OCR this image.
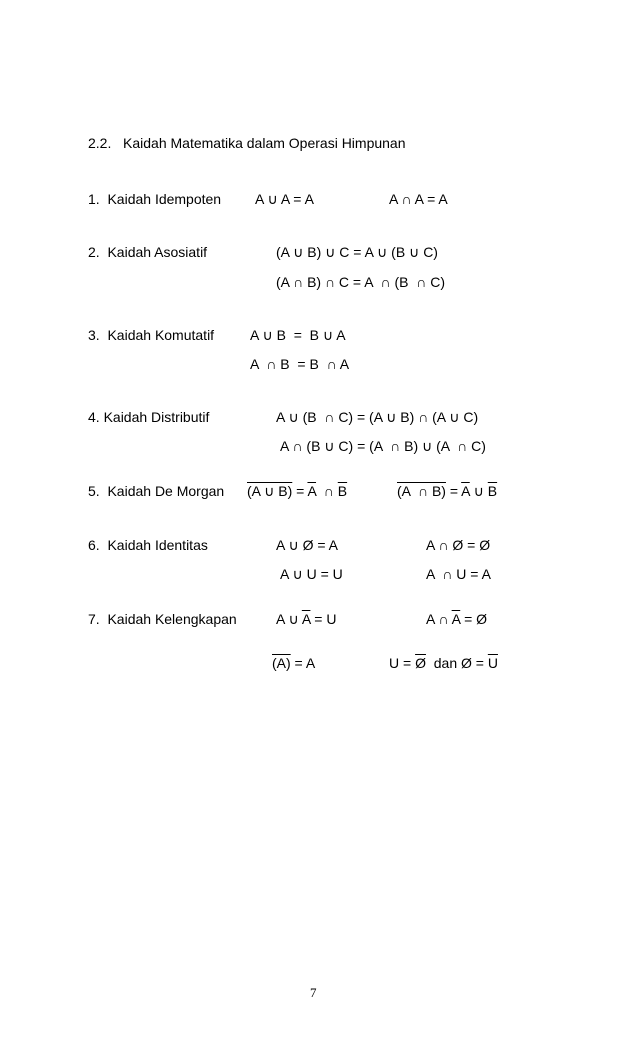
2.2. Kaidah Matematika dalam Operasi Himpunan
1.  Kaidah Idempoten A ∪ A = A	A ∩ A = A
2.  Kaidah Asosiatif	(A ∪ B) ∪ C = A ∪ (B ∪ C)
(A ∩ B) ∩ C = A  ∩ (B  ∩ C)
3.  Kaidah Komutatif	A ∪ B  =  B ∪ A
A  ∩ B  = B  ∩ A
4. Kaidah Distributif	A ∪ (B  ∩ C) = (A ∪ B) ∩ (A ∪ C)
A ∩ (B ∪ C) = (A  ∩ B) ∪ (A  ∩ C)
5.  Kaidah De Morgan (A ∪ $B) = \overline{A}$  ∩ $\overline{B}$	(A  ∩ $B) = \overline{A}$ ∪ $\overline{B}$
6.  Kaidah Identitas	A ∪ Ø = A	A ∩ Ø = Ø
A ∪ U = U	A  ∩ U = A
7.  Kaidah Kelengkapan	A ∪ $\overline{A} = U$	A ∩ $\overline{A}$ = Ø
(A) = A	$U = \overline{Ø}$  dan Ø = $\overline{U}$
7
